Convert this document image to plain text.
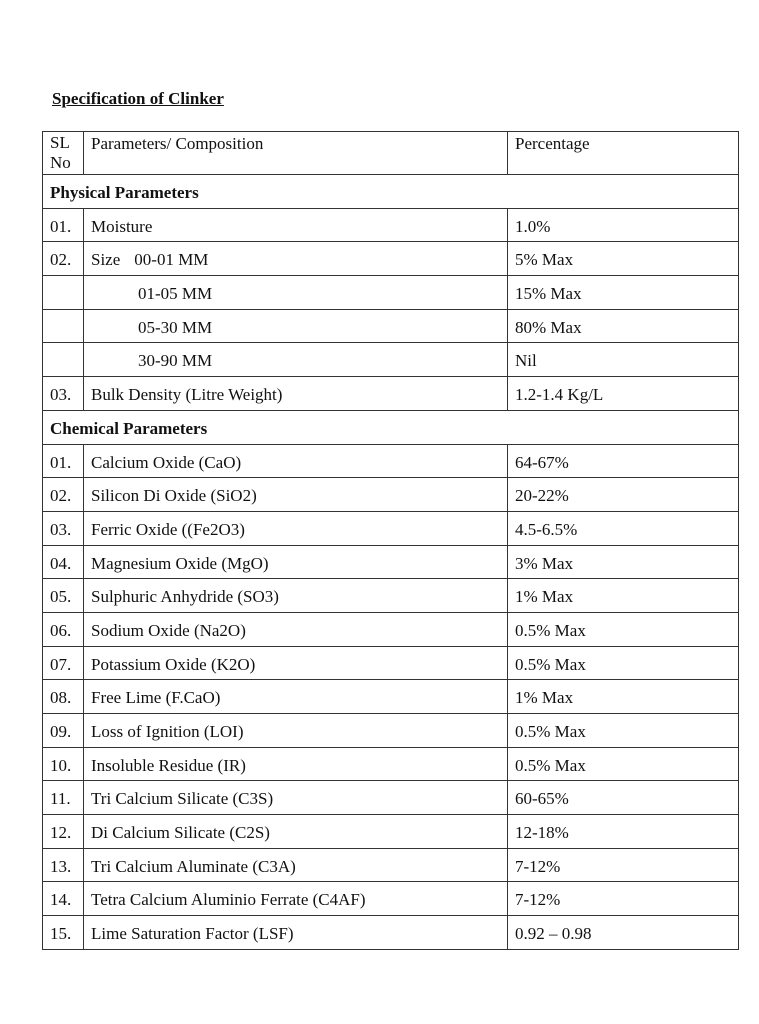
Specification of Clinker
SL No	Parameters/ Composition	Percentage
Physical Parameters		
01.	Moisture	1.0%
02.	Size 00-01 MM	5% Max
	01-05 MM	15% Max
	05-30 MM	80% Max
	30-90 MM	Nil
03.	Bulk Density (Litre Weight)	1.2-1.4 Kg/L
Chemical Parameters		
01.	Calcium Oxide (CaO)	64-67%
02.	Silicon Di Oxide (SiO2)	20-22%
03.	Ferric Oxide ((Fe2O3)	4.5-6.5%
04.	Magnesium Oxide (MgO)	3% Max
05.	Sulphuric Anhydride (SO3)	1% Max
06.	Sodium Oxide (Na2O)	0.5% Max
07.	Potassium Oxide (K2O)	0.5% Max
08.	Free Lime (F.CaO)	1% Max
09.	Loss of Ignition (LOI)	0.5% Max
10.	Insoluble Residue (IR)	0.5% Max
11.	Tri Calcium Silicate (C3S)	60-65%
12.	Di Calcium Silicate (C2S)	12-18%
13.	Tri Calcium Aluminate (C3A)	7-12%
14.	Tetra Calcium Aluminio Ferrate (C4AF)	7-12%
15.	Lime Saturation Factor (LSF)	0.92 – 0.98
